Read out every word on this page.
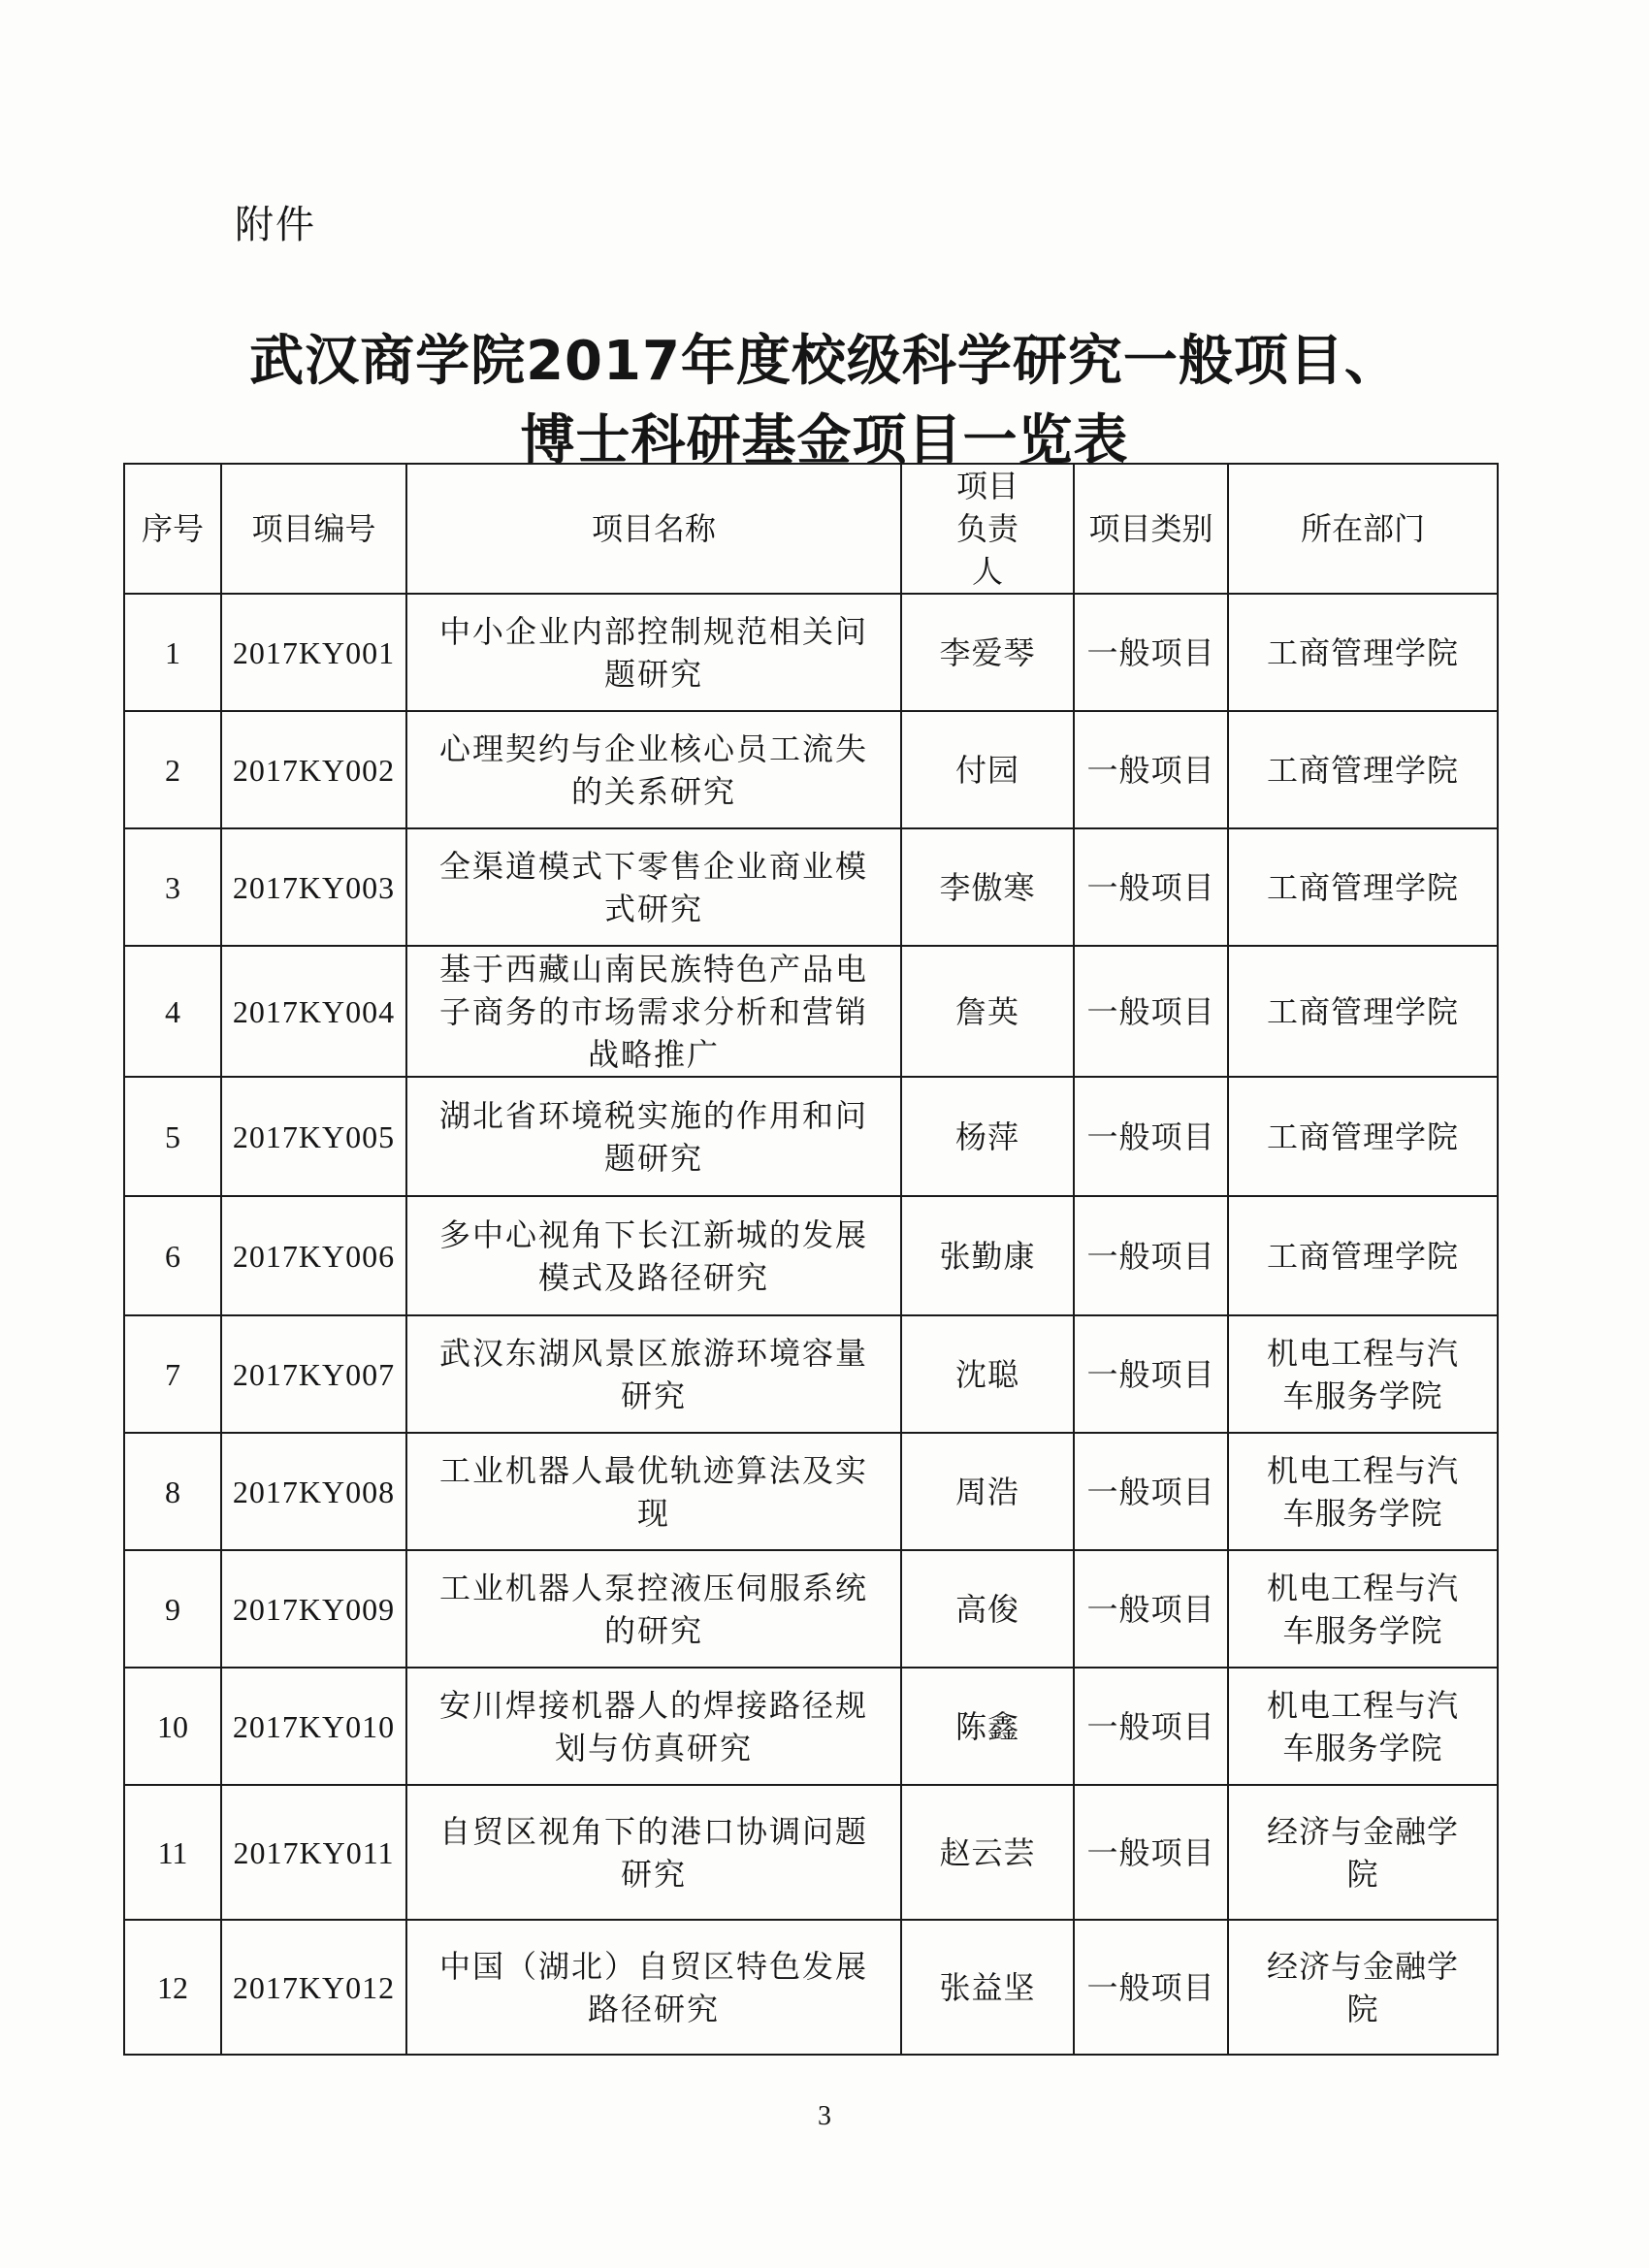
附件
武汉商学院2017年度校级科学研究一般项目、
博士科研基金项目一览表
序号	项目编号	项目名称	项目负责人	项目类别	所在部门
1	2017KY001	中小企业内部控制规范相关问题研究	李爱琴	一般项目	工商管理学院
2	2017KY002	心理契约与企业核心员工流失的关系研究	付园	一般项目	工商管理学院
3	2017KY003	全渠道模式下零售企业商业模式研究	李傲寒	一般项目	工商管理学院
4	2017KY004	基于西藏山南民族特色产品电子商务的市场需求分析和营销战略推广	詹英	一般项目	工商管理学院
5	2017KY005	湖北省环境税实施的作用和问题研究	杨萍	一般项目	工商管理学院
6	2017KY006	多中心视角下长江新城的发展模式及路径研究	张勤康	一般项目	工商管理学院
7	2017KY007	武汉东湖风景区旅游环境容量研究	沈聪	一般项目	机电工程与汽车服务学院

8	2017KY008	工业机器人最优轨迹算法及实现	周浩	一般项目	机电工程与汽车服务学院

9	2017KY009	工业机器人泵控液压伺服系统的研究	高俊	一般项目	机电工程与汽车服务学院

10	2017KY010	安川焊接机器人的焊接路径规划与仿真研究	陈鑫	一般项目	机电工程与汽车服务学院

11	2017KY011	自贸区视角下的港口协调问题研究	赵云芸	一般项目	经济与金融学院

12	2017KY012	中国（湖北）自贸区特色发展路径研究	张益坚	一般项目	经济与金融学院
3
